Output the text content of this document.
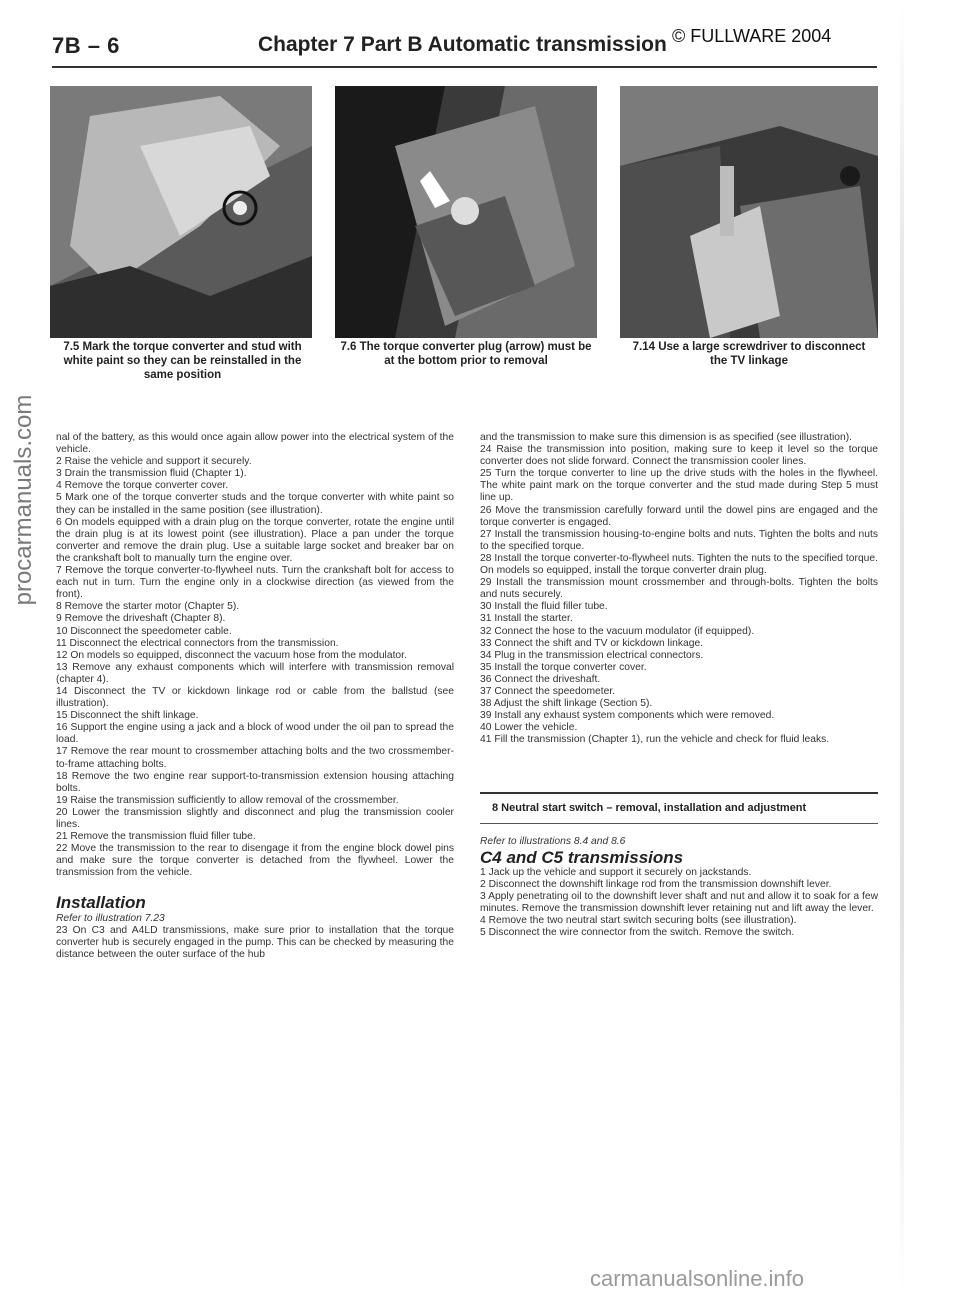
7B – 6	Chapter 7 Part B Automatic transmission © FULLWARE 2004
7.5 Mark the torque converter and stud with white paint so they can be reinstalled in the same position
7.6 The torque converter plug (arrow) must be at the bottom prior to removal
7.14 Use a large screwdriver to disconnect the TV linkage

nal of the battery, as this would once again allow power into the electrical system of the vehicle.

2 Raise the vehicle and support it securely.

3 Drain the transmission fluid (Chapter 1).

4 Remove the torque converter cover.

5 Mark one of the torque converter studs and the torque converter with white paint so they can be installed in the same position (see illustration).

6 On models equipped with a drain plug on the torque converter, rotate the engine until the drain plug is at its lowest point (see illustration). Place a pan under the torque converter and remove the drain plug. Use a suitable large socket and breaker bar on the crankshaft bolt to manually turn the engine over.

7 Remove the torque converter-to-flywheel nuts. Turn the crankshaft bolt for access to each nut in turn. Turn the engine only in a clockwise direction (as viewed from the front).

8 Remove the starter motor (Chapter 5).

9 Remove the driveshaft (Chapter 8).

10 Disconnect the speedometer cable.

11 Disconnect the electrical connectors from the transmission.

12 On models so equipped, disconnect the vacuum hose from the modulator.

13 Remove any exhaust components which will interfere with transmission removal (chapter 4).

14 Disconnect the TV or kickdown linkage rod or cable from the ballstud (see illustration).

15 Disconnect the shift linkage.

16 Support the engine using a jack and a block of wood under the oil pan to spread the load.

17 Remove the rear mount to crossmember attaching bolts and the two crossmember-to-frame attaching bolts.

18 Remove the two engine rear support-to-transmission extension housing attaching bolts.

19 Raise the transmission sufficiently to allow removal of the crossmember.

20 Lower the transmission slightly and disconnect and plug the transmission cooler lines.

21 Remove the transmission fluid filler tube.

22 Move the transmission to the rear to disengage it from the engine block dowel pins and make sure the torque converter is detached from the flywheel. Lower the transmission from the vehicle.

Installation

Refer to illustration 7.23

23 On C3 and A4LD transmissions, make sure prior to installation that the torque converter hub is securely engaged in the pump. This can be checked by measuring the distance between the outer surface of the hub

and the transmission to make sure this dimension is as specified (see illustration).

24 Raise the transmission into position, making sure to keep it level so the torque converter does not slide forward. Connect the transmission cooler lines.

25 Turn the torque converter to line up the drive studs with the holes in the flywheel. The white paint mark on the torque converter and the stud made during Step 5 must line up.

26 Move the transmission carefully forward until the dowel pins are engaged and the torque converter is engaged.

27 Install the transmission housing-to-engine bolts and nuts. Tighten the bolts and nuts to the specified torque.

28 Install the torque converter-to-flywheel nuts. Tighten the nuts to the specified torque. On models so equipped, install the torque converter drain plug.

29 Install the transmission mount crossmember and through-bolts. Tighten the bolts and nuts securely.

30 Install the fluid filler tube.

31 Install the starter.

32 Connect the hose to the vacuum modulator (if equipped).

33 Connect the shift and TV or kickdown linkage.

34 Plug in the transmission electrical connectors.

35 Install the torque converter cover.

36 Connect the driveshaft.

37 Connect the speedometer.

38 Adjust the shift linkage (Section 5).

39 Install any exhaust system components which were removed.

40 Lower the vehicle.

41 Fill the transmission (Chapter 1), run the vehicle and check for fluid leaks.

8 Neutral start switch – removal, installation and adjustment

Refer to illustrations 8.4 and 8.6

C4 and C5 transmissions

1 Jack up the vehicle and support it securely on jackstands.

2 Disconnect the downshift linkage rod from the transmission downshift lever.

3 Apply penetrating oil to the downshift lever shaft and nut and allow it to soak for a few minutes. Remove the transmission downshift lever retaining nut and lift away the lever.

4 Remove the two neutral start switch securing bolts (see illustration).

5 Disconnect the wire connector from the switch. Remove the switch.

procarmanuals.com
carmanualsonline.info
